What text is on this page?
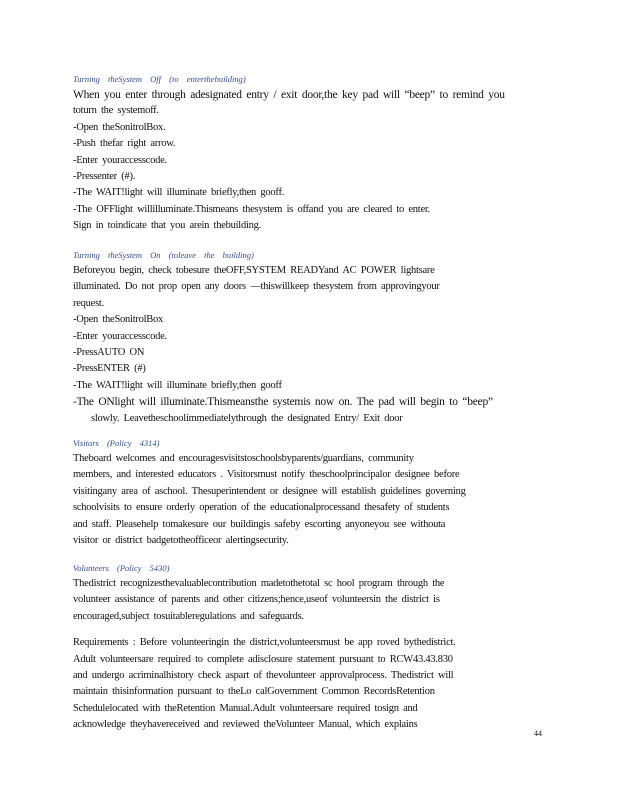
Turning theSystem Off (to enterthebuilding)

When you enter through adesignated entry / exit door,the key pad will “beep” to remind you

toturn the systemoff.

-Open theSonitrolBox.

-Push thefar right arrow.

-Enter youraccesscode.

-Pressenter (#).

-The WAIT!light will illuminate briefly,then gooff.

-The OFFlight willilluminate.Thismeans thesystem is offand you are cleared to enter.

Sign in toindicate that you arein thebuilding.

Turning theSystem On (toleave the building)

Beforeyou begin, check tobesure theOFF,SYSTEM READYand AC POWER lightsare

illuminated. Do not prop open any doors —thiswillkeep thesystem from approvingyour

request.

-Open theSonitrolBox

-Enter youraccesscode.

-PressAUTO ON

-PressENTER (#)

-The WAIT!light will illuminate briefly,then gooff

-The ONlight will illuminate.Thismeansthe systemis now on. The pad will begin to “beep”

slowly. Leavetheschoolimmediatelythrough the designated Entry/ Exit door

Visitors (Policy 4314)

Theboard welcomes and encouragesvisitstoschoolsbyparents/guardians, community

members, and interested educators . Visitorsmust notify theschoolprincipalor designee before

visitingany area of aschool. Thesuperintendent or designee will establish guidelines governing

schoolvisits to ensure orderly operation of the educationalprocessand thesafety of students

and staff. Pleasehelp tomakesure our buildingis safeby escorting anyoneyou see withouta

visitor or district badgetotheofficeor alertingsecurity.

Volunteers (Policy 5430)

Thedistrict recognizesthevaluablecontribution madetothetotal sc hool program through the

volunteer assistance of parents and other citizens;hence,useof volunteersin the district is

encouraged,subject tosuitableregulations and safeguards.

Requirements : Before volunteeringin the district,volunteersmust be app roved bythedistrict.

Adult volunteersare required to complete adisclosure statement pursuant to RCW43.43.830

and undergo acriminalhistory check aspart of thevolunteer approvalprocess. Thedistrict will

maintain thisinformation pursuant to theLo calGovernment Common RecordsRetention

Schedulelocated with theRetention Manual.Adult volunteersare required tosign and

acknowledge theyhavereceived and reviewed theVolunteer Manual, which explains

44
